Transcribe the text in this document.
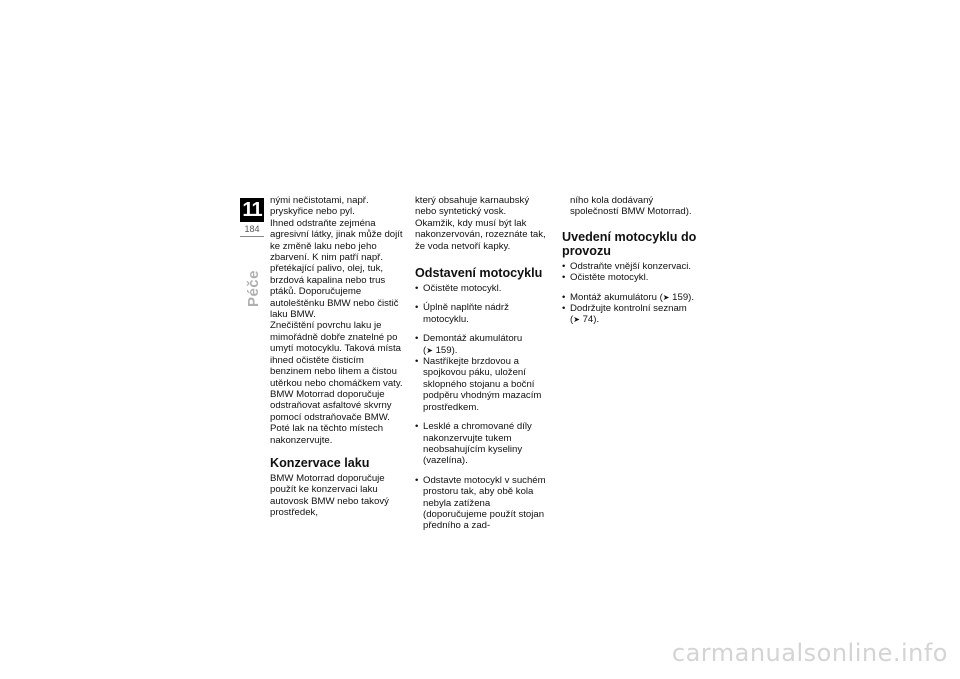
11
184
Péče

nými nečistotami, např. pryskyřice nebo pyl.

Ihned odstraňte zejména agresivní látky, jinak může dojít ke změně laku nebo jeho zbarvení. K nim patří např. přetékající palivo, olej, tuk, brzdová kapalina nebo trus ptáků. Doporučujeme autoleštěnku BMW nebo čistič laku BMW.

Znečištění povrchu laku je mimořádně dobře znatelné po umytí motocyklu. Taková místa ihned očistěte čisticím benzinem nebo lihem a čistou utěrkou nebo chomáčkem vaty. BMW Motorrad doporučuje odstraňovat asfaltové skvrny pomocí odstraňovače BMW. Poté lak na těchto místech nakonzervujte.

Konzervace laku

BMW Motorrad doporučuje použít ke konzervaci laku autovosk BMW nebo takový prostředek,

který obsahuje karnaubský nebo syntetický vosk.

Okamžik, kdy musí být lak nakonzervován, rozeznáte tak, že voda netvoří kapky.

Odstavení motocyklu
• Očistěte motocykl.
• Úplně naplňte nádrž motocyklu.
• Demontáž akumulátoru
(➤ 159).
• Nastříkejte brzdovou a spojkovou páku, uložení sklopného stojanu a boční podpěru vhodným mazacím prostředkem.
• Lesklé a chromované díly nakonzervujte tukem neobsahujícím kyseliny (vazelína).
• Odstavte motocykl v suchém prostoru tak, aby obě kola nebyla zatížena (doporučujeme použít stojan předního a zad-

ního kola dodávaný společností BMW Motorrad).

Uvedení motocyklu do provozu
• Odstraňte vnější konzervaci.
• Očistěte motocykl.
• Montáž akumulátoru (➤ 159).
• Dodržujte kontrolní seznam
(➤ 74).
carmanualsonline.info
